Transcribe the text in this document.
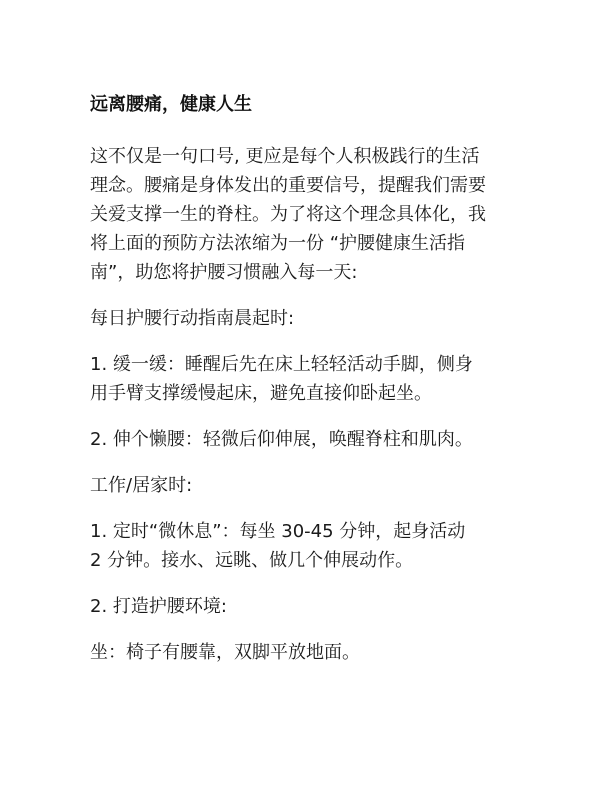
远离腰痛，健康人生
这不仅是一句口号, 更应是每个人积极践行的生活
理念。腰痛是身体发出的重要信号，提醒我们需要
关爱支撑一生的脊柱。为了将这个理念具体化，我
将上面的预防方法浓缩为一份 “护腰健康生活指
南”，助您将护腰习惯融入每一天:
每日护腰行动指南晨起时:
1. 缓一缓：睡醒后先在床上轻轻活动手脚，侧身
用手臂支撑缓慢起床，避免直接仰卧起坐。
2. 伸个懒腰：轻微后仰伸展，唤醒脊柱和肌肉。
工作/居家时:
1. 定时“微休息”：每坐 30-45 分钟，起身活动
2 分钟。接水、远眺、做几个伸展动作。
2. 打造护腰环境:
坐：椅子有腰靠，双脚平放地面。
